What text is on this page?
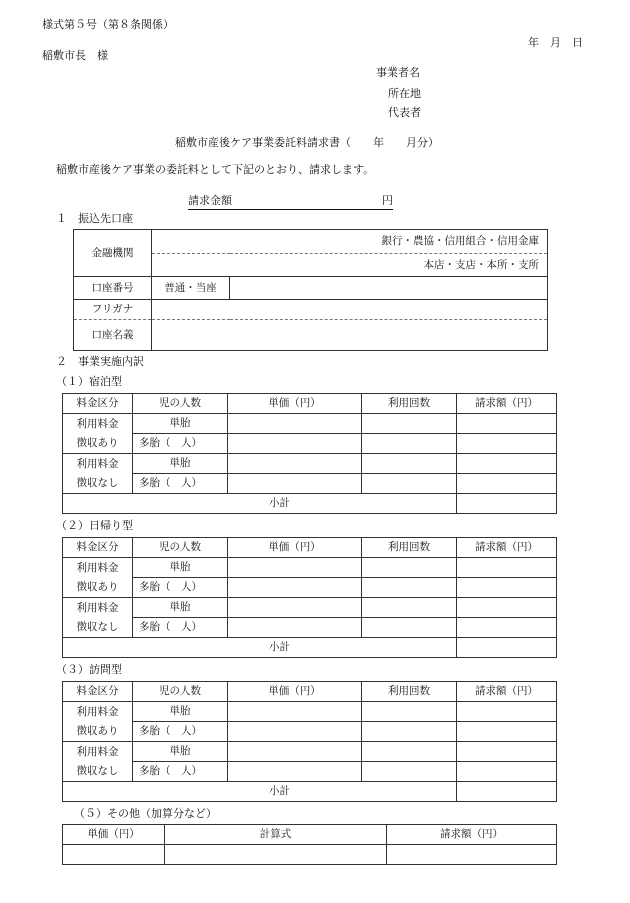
様式第５号（第８条関係）
年　月　日
稲敷市長　様
事業者名
所在地
代表者
稲敷市産後ケア事業委託料請求書（　　年　　月分）
稲敷市産後ケア事業の委託料として下記のとおり、請求します。
請求金額	円
１　振込先口座
金融機関	銀行・農協・信用組合・信用金庫	
	本店・支店・本所・支所	
口座番号	普通・当座	
フリガナ		
口座名義		
２　事業実施内訳
（１）宿泊型
料金区分	児の人数	単価（円）	利用回数	請求額（円）
利用料金	単胎			
徴収あり	多胎（　人）			
利用料金	単胎			
徴収なし	多胎（　人）			
小計				
（２）日帰り型
料金区分	児の人数	単価（円）	利用回数	請求額（円）
利用料金	単胎			
徴収あり	多胎（　人）			
利用料金	単胎			
徴収なし	多胎（　人）			
小計				
（３）訪問型
料金区分	児の人数	単価（円）	利用回数	請求額（円）
利用料金	単胎			
徴収あり	多胎（　人）			
利用料金	単胎			
徴収なし	多胎（　人）			
小計				
（５）その他（加算分など）
単価（円）	計算式	請求額（円）
